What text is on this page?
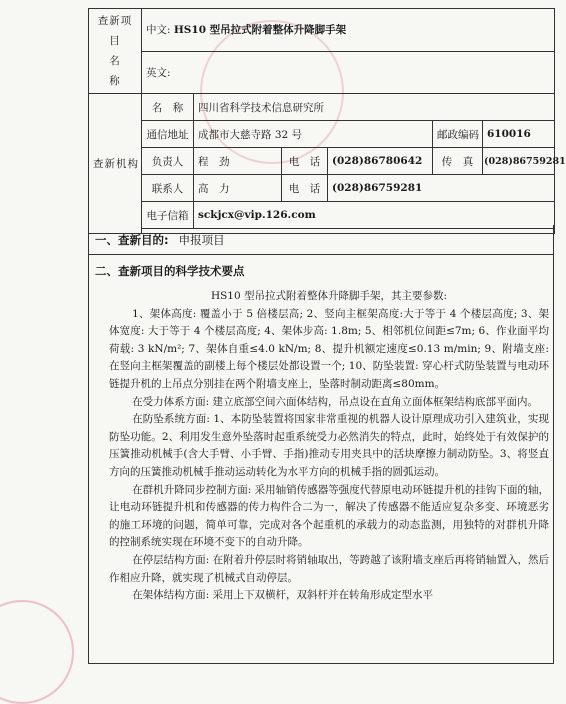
查新项目
名　　称	中文: HS10 型吊拉式附着整体升降脚手架					
	英文:					
查新机构	名　称	四川省科学技术信息研究所				
	通信地址	成都市大慈寺路 32 号			邮政编码	610016
	负责人	程　劲	电　话	(028)86780642	传　真	(028)86759281
	联系人	高　力	电　话	(028)86759281		
	电子信箱	sckjcx@vip.126.com				

一、查新目的: 申报项目
二、查新项目的科学技术要点

HS10 型吊拉式附着整体升降脚手架，其主要参数:

1、架体高度: 覆盖小于 5 倍楼层高; 2、竖向主框架高度:大于等于 4 个楼层高度; 3、架体宽度: 大于等于 4 个楼层高度; 4、架体步高: 1.8m; 5、相邻机位间距≤7m; 6、作业面平均荷载: 3 kN/m²; 7、架体自重≤4.0 kN/m; 8、提升机额定速度≤0.13 m/min; 9、附墙支座: 在竖向主框架覆盖的副楼上每个楼层处都设置一个; 10、防坠装置: 穿心杆式防坠装置与电动环链提升机的上吊点分别挂在两个附墙支座上，坠落时制动距离≤80mm。

在受力体系方面: 建立底部空间六面体结构，吊点设在直角立面体框架结构底部平面内。

在防坠系统方面: 1、本防坠装置将国家非常重视的机器人设计原理成功引入建筑业，实现防坠功能。2、利用发生意外坠落时起重系统受力必然消失的特点，此时，始终处于有效保护的压簧推动机械手(含大手臂、小手臂、手指)推动专用夹具中的活块摩擦力制动防坠。3、将竖直方向的压簧推动机械手推动运动转化为水平方向的机械手指的圆弧运动。

在群机升降同步控制方面: 采用轴销传感器等强度代替原电动环链提升机的挂钩下面的轴，让电动环链提升机和传感器的传力构件合二为一，解决了传感器不能适应复杂多变、环境恶劣的施工环境的问题，简单可靠，完成对各个起重机的承载力的动态监测，用独特的对群机升降的控制系统实现在环境不变下的自动升降。

在停层结构方面: 在附着升停层时将销轴取出，等跨越了该附墙支座后再将销轴置入，然后作相应升降，就实现了机械式自动停层。

在架体结构方面: 采用上下双横杆，双斜杆并在转角形成定型水平
